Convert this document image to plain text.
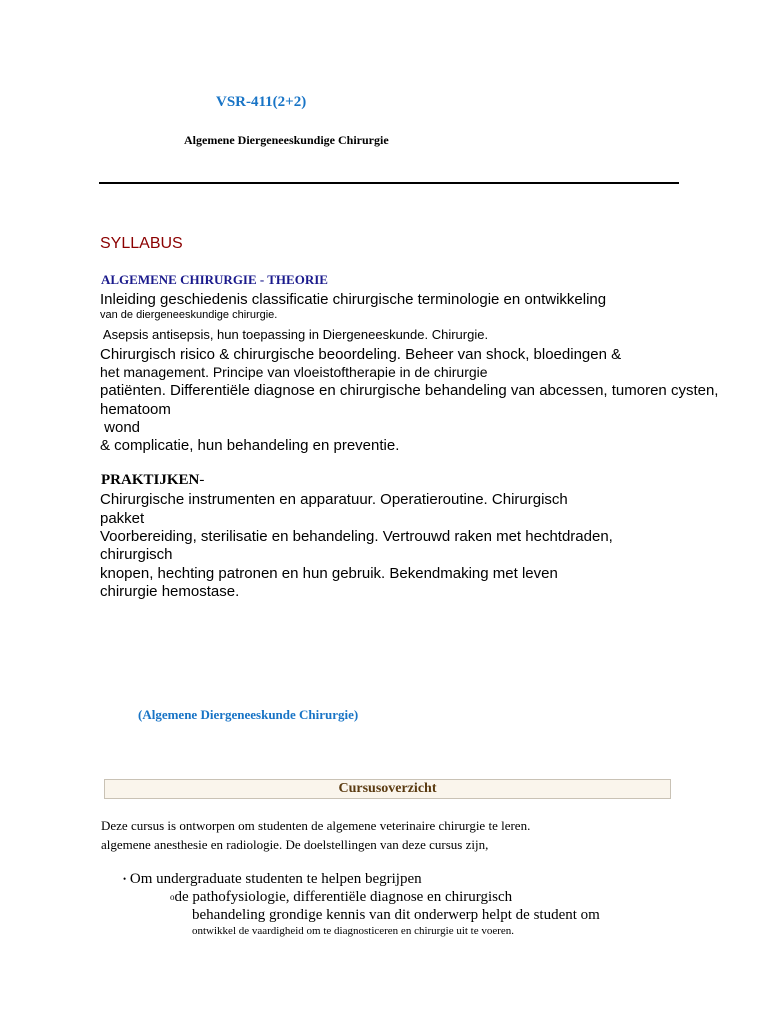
VSR-411(2+2)
Algemene Diergeneeskundige Chirurgie
SYLLABUS
ALGEMENE CHIRURGIE - THEORIE
Inleiding geschiedenis classificatie chirurgische terminologie en ontwikkeling
van de diergeneeskundige chirurgie.
Asepsis antisepsis, hun toepassing in Diergeneeskunde. Chirurgie.
Chirurgisch risico & chirurgische beoordeling. Beheer van shock, bloedingen &
het management. Principe van vloeistoftherapie in de chirurgie
patiënten. Differentiële diagnose en chirurgische behandeling van abcessen, tumoren cysten,
hematoom
wond
& complicatie, hun behandeling en preventie.
PRAKTIJKEN-
Chirurgische instrumenten en apparatuur. Operatieroutine. Chirurgisch
pakket
Voorbereiding, sterilisatie en behandeling. Vertrouwd raken met hechtdraden,
chirurgisch
knopen, hechting patronen en hun gebruik. Bekendmaking met leven
chirurgie hemostase.
(Algemene Diergeneeskunde Chirurgie)
Cursusoverzicht
Deze cursus is ontworpen om studenten de algemene veterinaire chirurgie te leren.
algemene anesthesie en radiologie. De doelstellingen van deze cursus zijn,
• Om undergraduate studenten te helpen begrijpen
ode pathofysiologie, differentiële diagnose en chirurgisch
behandeling grondige kennis van dit onderwerp helpt de student om
ontwikkel de vaardigheid om te diagnosticeren en chirurgie uit te voeren.
